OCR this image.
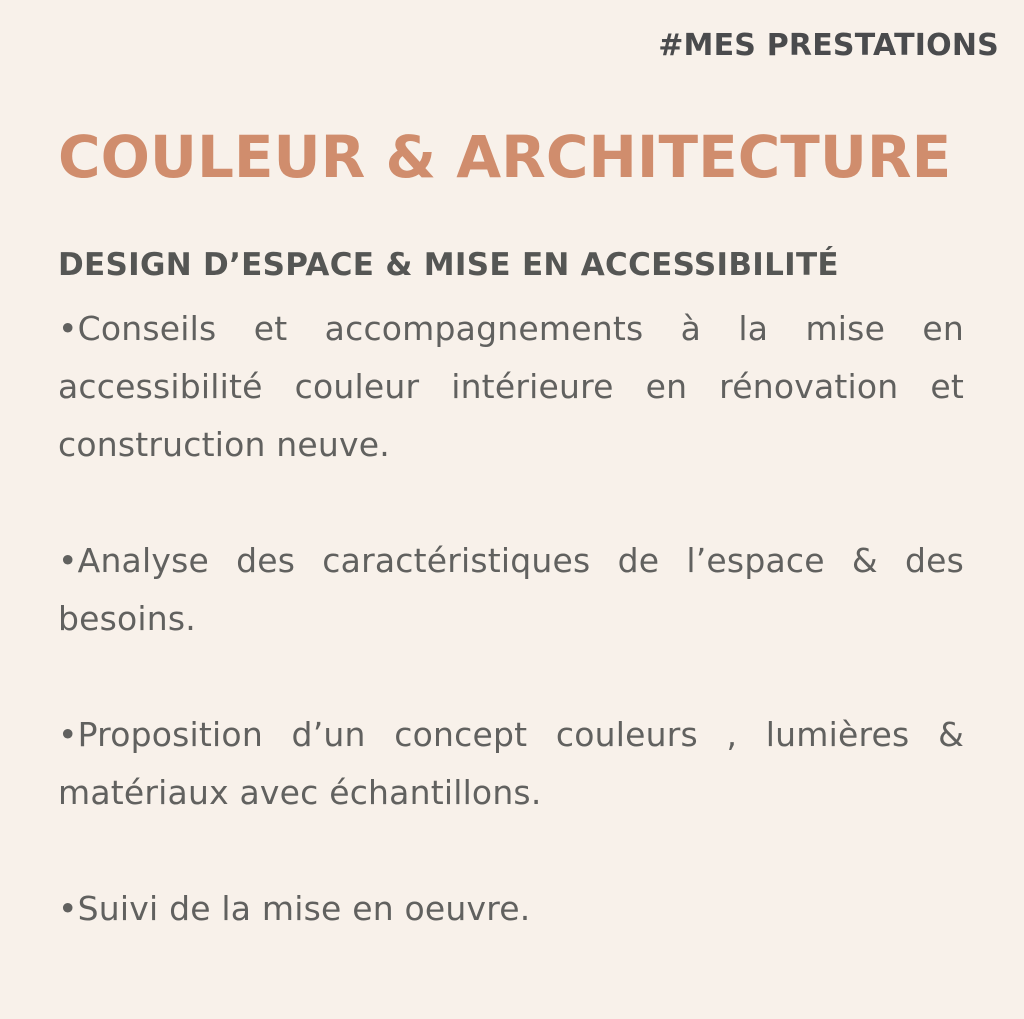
#MES PRESTATIONS
COULEUR & ARCHITECTURE
DESIGN D’ESPACE & MISE EN ACCESSIBILITÉ

•Conseils et accompagnements à la mise en accessibilité couleur intérieure en rénovation et construction neuve.

•Analyse des caractéristiques de l’espace & des besoins.

•Proposition d’un concept couleurs , lumières & matériaux avec échantillons.

•Suivi de la mise en oeuvre.
